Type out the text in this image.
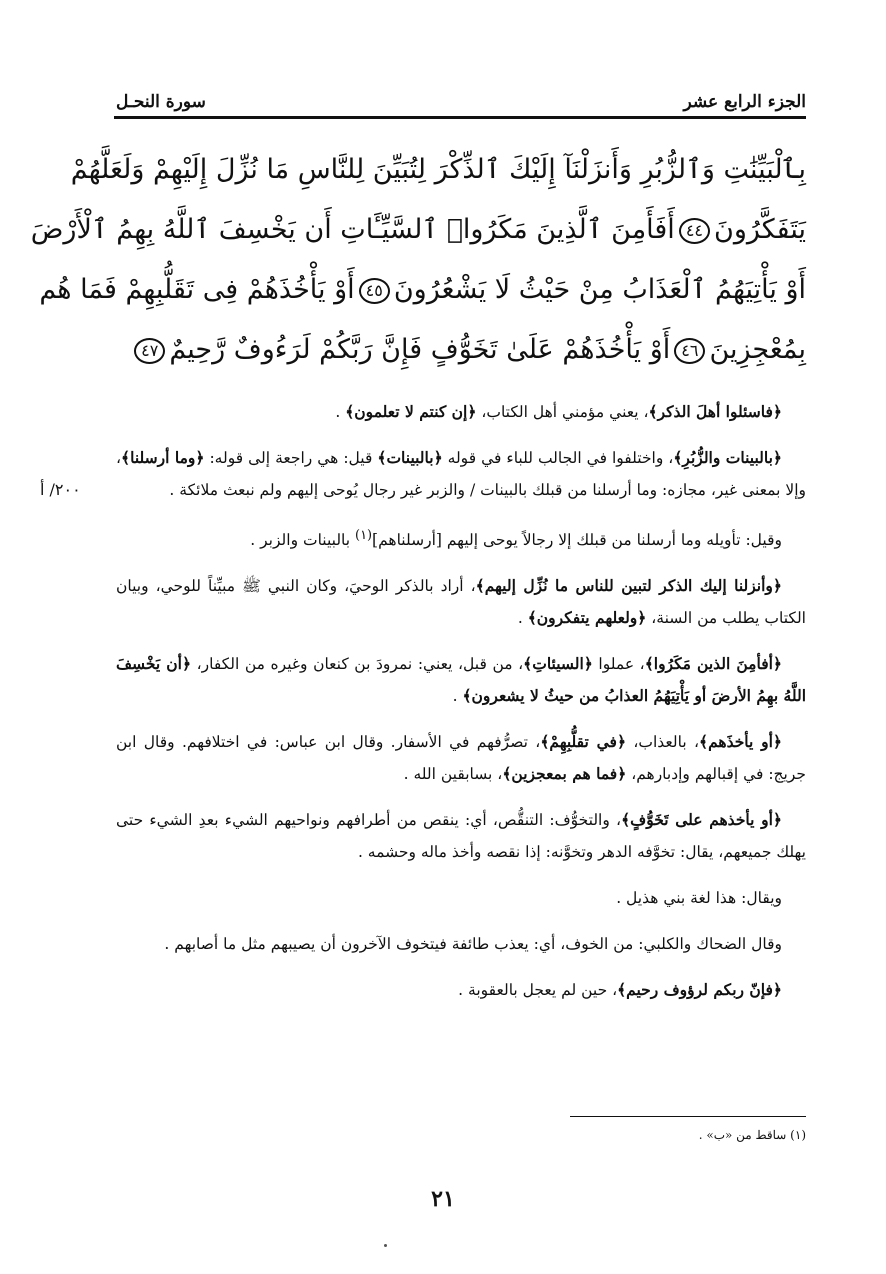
سورة النحـل	الجزء الرابع عشر
بِٱلْبَيِّنَٰتِ وَٱلزُّبُرِ وَأَنزَلْنَآ إِلَيْكَ ٱلذِّكْرَ لِتُبَيِّنَ لِلنَّاسِ مَا نُزِّلَ إِلَيْهِمْ وَلَعَلَّهُمْ
يَتَفَكَّرُونَ٤٤أَفَأَمِنَ ٱلَّذِينَ مَكَرُوا۟ ٱلسَّيِّـَٔاتِ أَن يَخْسِفَ ٱللَّهُ بِهِمُ ٱلْأَرْضَ
أَوْ يَأْتِيَهُمُ ٱلْعَذَابُ مِنْ حَيْثُ لَا يَشْعُرُونَ٤٥أَوْ يَأْخُذَهُمْ فِى تَقَلُّبِهِمْ فَمَا هُم
بِمُعْجِزِينَ٤٦أَوْ يَأْخُذَهُمْ عَلَىٰ تَخَوُّفٍ فَإِنَّ رَبَّكُمْ لَرَءُوفٌ رَّحِيمٌ٤٧

﴿فاسئلوا أهلَ الذكر﴾، يعني مؤمني أهل الكتاب، ﴿إن كنتم لا تعلمون﴾ .

﴿بالبينات والزُّبُرِ﴾، واختلفوا في الجالب للباء في قوله ﴿بالبينات﴾ قيل: هي راجعة إلى قوله: ﴿وما أرسلنا﴾، وإلا بمعنى غير، مجازه: وما أرسلنا من قبلك بالبينات / والزبر غير رجال يُوحى إليهم ولم نبعث ملائكة .

وقيل: تأويله وما أرسلنا من قبلك إلا رجالاً يوحى إليهم [أرسلناهم]$^{(١)}$ بالبينات والزبر .

﴿وأنزلنا إليك الذكر لتبين للناس ما نُزِّل إليهم﴾، أراد بالذكر الوحيَ، وكان النبي ﷺ مبيِّناً للوحي، وبيان الكتاب يطلب من السنة، ﴿ولعلهم يتفكرون﴾ .

﴿أفأمِنَ الذين مَكَرُوا﴾، عملوا ﴿السيئاتِ﴾، من قبل، يعني: نمرودَ بن كنعان وغيره من الكفار، ﴿أن يَخْسِفَ اللَّهُ بهِمُ الأرضَ أو يَأْتِيَهُمُ العذابُ من حيثُ لا يشعرون﴾ .

﴿أو يأخذَهم﴾، بالعذاب، ﴿في تقلُّبِهِمْ﴾، تصرُّفهم في الأسفار. وقال ابن عباس: في اختلافهم. وقال ابن جريج: في إقبالهم وإدبارهم، ﴿فما هم بمعجزين﴾، بسابقين الله .

﴿أو يأخذهم على تَخَوُّفٍ﴾، والتخوُّف: التنقُّص، أي: ينقص من أطرافهم ونواحيهم الشيء بعدِ الشيء حتى يهلك جميعهم، يقال: تخوَّفه الدهر وتخوَّنه: إذا نقصه وأخذ ماله وحشمه .

ويقال: هذا لغة بني هذيل .

وقال الضحاك والكلبي: من الخوف، أي: يعذب طائفة فيتخوف الآخرون أن يصيبهم مثل ما أصابهم .

﴿فإنّ ربكم لرؤوف رحيم﴾، حين لم يعجل بالعقوبة .

٢٠٠/ أ
(١) ساقط من «ب» .
٢١
